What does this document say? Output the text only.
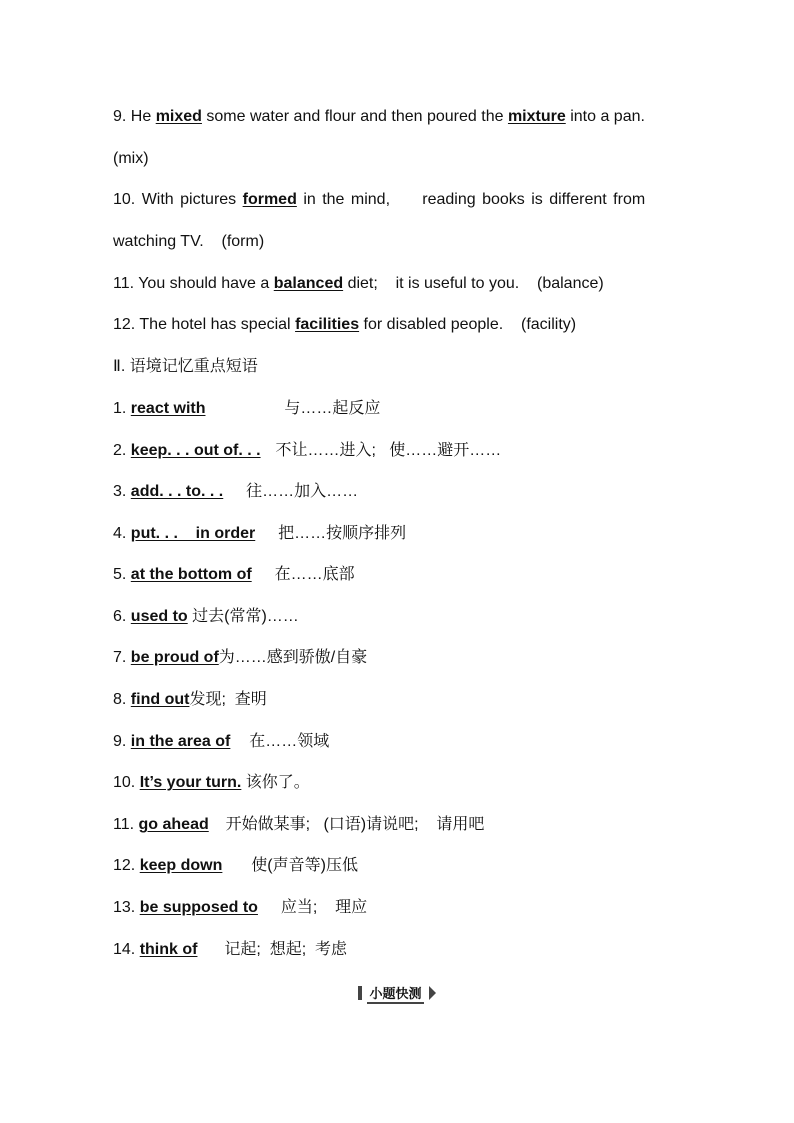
9. He mixed some water and flour and then poured the mixture into a pan.
(mix)
10. With pictures formed in the mind,     reading books is different from
watching TV.    (form)
11. You should have a balanced diet;    it is useful to you.    (balance)
12. The hotel has special facilities for disabled people.    (facility)
Ⅱ. 语境记忆重点短语
1. react with	与……起反应
2. keep. . . out of. . . 不让……进入;   使……避开……
3. add. . . to. . . 往……加入……
4. put. . .    in order 把……按顺序排列
5. at the bottom of 在……底部
6. used to 过去(常常)……
7. be proud of为……感到骄傲/自豪
8. find out发现;  查明
9. in the area of 在……领域
10. It’s your turn. 该你了。
11. go ahead 开始做某事;   (口语)请说吧;    请用吧
12. keep down 使(声音等)压低
13. be supposed to 应当;    理应
14. think of 记起;  想起;  考虑
小题快测
